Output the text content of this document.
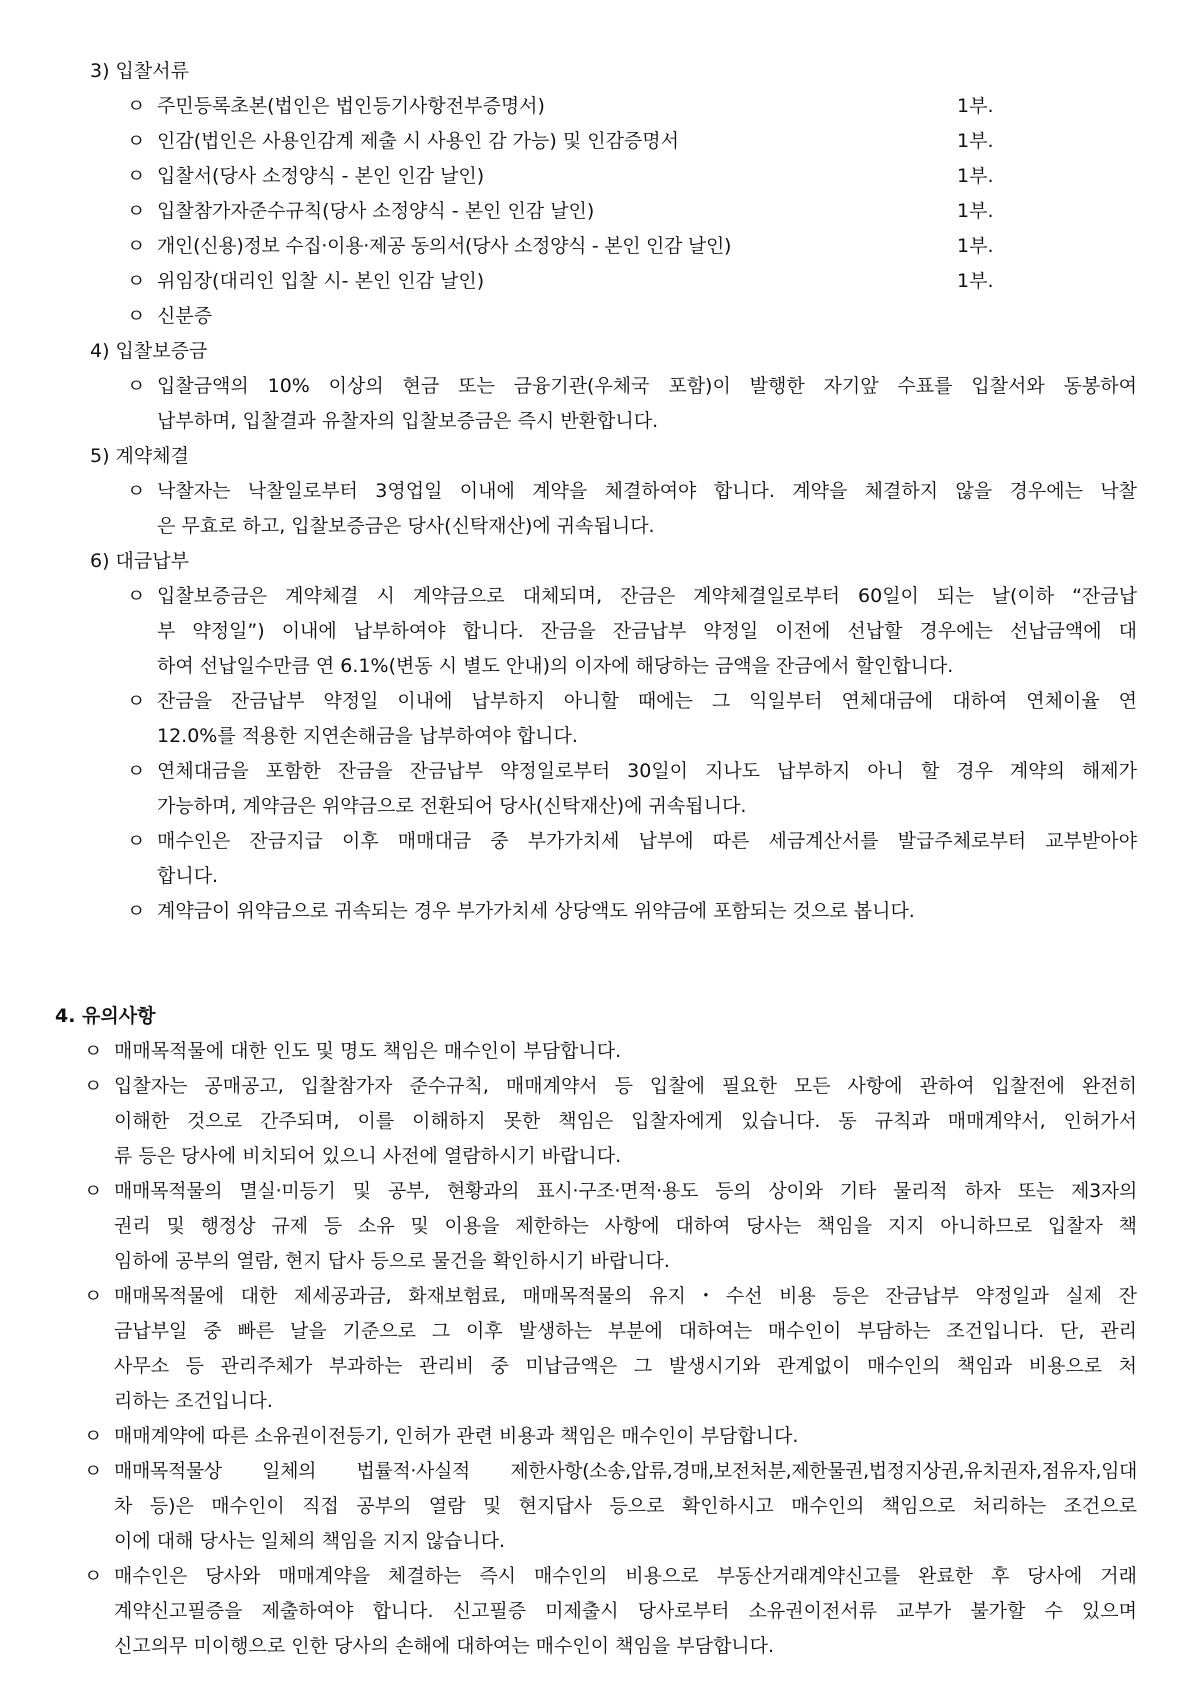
3) 입찰서류
ㅇ 주민등록초본(법인은 법인등기사항전부증명서)	1부.
ㅇ 인감(법인은 사용인감계 제출 시 사용인 감 가능) 및 인감증명서	1부.
ㅇ 입찰서(당사 소정양식 - 본인 인감 날인)	1부.
ㅇ 입찰참가자준수규칙(당사 소정양식 - 본인 인감 날인)	1부.
ㅇ 개인(신용)정보 수집·이용·제공 동의서(당사 소정양식 - 본인 인감 날인)	1부.
ㅇ 위임장(대리인 입찰 시- 본인 인감 날인)	1부.
ㅇ 신분증
4) 입찰보증금
ㅇ 입찰금액의 10% 이상의 현금 또는 금융기관(우체국 포함)이 발행한 자기앞 수표를 입찰서와 동봉하여
납부하며, 입찰결과 유찰자의 입찰보증금은 즉시 반환합니다.
5) 계약체결
ㅇ 낙찰자는 낙찰일로부터 3영업일 이내에 계약을 체결하여야 합니다. 계약을 체결하지 않을 경우에는 낙찰
은 무효로 하고, 입찰보증금은 당사(신탁재산)에 귀속됩니다.
6) 대금납부
ㅇ 입찰보증금은 계약체결 시 계약금으로 대체되며, 잔금은 계약체결일로부터 60일이 되는 날(이하 “잔금납
부 약정일”) 이내에 납부하여야 합니다. 잔금을 잔금납부 약정일 이전에 선납할 경우에는 선납금액에 대
하여 선납일수만큼 연 6.1%(변동 시 별도 안내)의 이자에 해당하는 금액을 잔금에서 할인합니다.
ㅇ 잔금을 잔금납부 약정일 이내에 납부하지 아니할 때에는 그 익일부터 연체대금에 대하여 연체이율 연
12.0%를 적용한 지연손해금을 납부하여야 합니다.
ㅇ 연체대금을 포함한 잔금을 잔금납부 약정일로부터 30일이 지나도 납부하지 아니 할 경우 계약의 해제가
가능하며, 계약금은 위약금으로 전환되어 당사(신탁재산)에 귀속됩니다.
ㅇ 매수인은 잔금지급 이후 매매대금 중 부가가치세 납부에 따른 세금계산서를 발급주체로부터 교부받아야
합니다.
ㅇ 계약금이 위약금으로 귀속되는 경우 부가가치세 상당액도 위약금에 포함되는 것으로 봅니다.
4. 유의사항
ㅇ 매매목적물에 대한 인도 및 명도 책임은 매수인이 부담합니다.
ㅇ 입찰자는 공매공고, 입찰참가자 준수규칙, 매매계약서 등 입찰에 필요한 모든 사항에 관하여 입찰전에 완전히
이해한 것으로 간주되며, 이를 이해하지 못한 책임은 입찰자에게 있습니다. 동 규칙과 매매계약서, 인허가서
류 등은 당사에 비치되어 있으니 사전에 열람하시기 바랍니다.
ㅇ 매매목적물의 멸실·미등기 및 공부, 현황과의 표시·구조·면적·용도 등의 상이와 기타 물리적 하자 또는 제3자의
권리 및 행정상 규제 등 소유 및 이용을 제한하는 사항에 대하여 당사는 책임을 지지 아니하므로 입찰자 책
임하에 공부의 열람, 현지 답사 등으로 물건을 확인하시기 바랍니다.
ㅇ 매매목적물에 대한 제세공과금, 화재보험료, 매매목적물의 유지・수선 비용 등은 잔금납부 약정일과 실제 잔
금납부일 중 빠른 날을 기준으로 그 이후 발생하는 부분에 대하여는 매수인이 부담하는 조건입니다. 단, 관리
사무소 등 관리주체가 부과하는 관리비 중 미납금액은 그 발생시기와 관계없이 매수인의 책임과 비용으로 처
리하는 조건입니다.
ㅇ 매매계약에 따른 소유권이전등기, 인허가 관련 비용과 책임은 매수인이 부담합니다.
ㅇ 매매목적물상 일체의 법률적·사실적 제한사항(소송,압류,경매,보전처분,제한물권,법정지상권,유치권자,점유자,임대
차 등)은 매수인이 직접 공부의 열람 및 현지답사 등으로 확인하시고 매수인의 책임으로 처리하는 조건으로
이에 대해 당사는 일체의 책임을 지지 않습니다.
ㅇ 매수인은 당사와 매매계약을 체결하는 즉시 매수인의 비용으로 부동산거래계약신고를 완료한 후 당사에 거래
계약신고필증을 제출하여야 합니다. 신고필증 미제출시 당사로부터 소유권이전서류 교부가 불가할 수 있으며
신고의무 미이행으로 인한 당사의 손해에 대하여는 매수인이 책임을 부담합니다.
